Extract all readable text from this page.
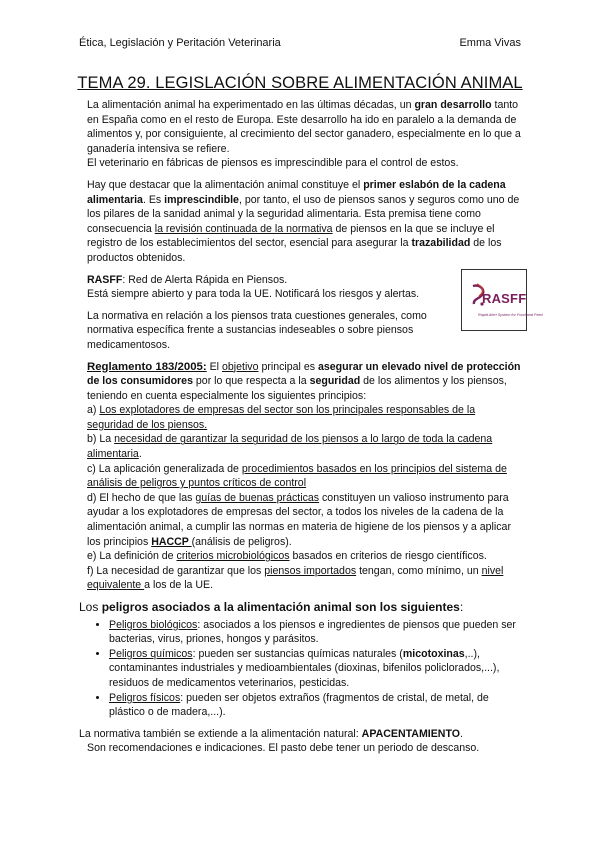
Ética, Legislación y Peritación Veterinaria	Emma Vivas
TEMA 29. LEGISLACIÓN SOBRE ALIMENTACIÓN ANIMAL

La alimentación animal ha experimentado en las últimas décadas, un gran desarrollo tanto en España como en el resto de Europa. Este desarrollo ha ido en paralelo a la demanda de alimentos y, por consiguiente, al crecimiento del sector ganadero, especialmente en lo que a ganadería intensiva se refiere.

El veterinario en fábricas de piensos es imprescindible para el control de estos.

Hay que destacar que la alimentación animal constituye el primer eslabón de la cadena alimentaria. Es imprescindible, por tanto, el uso de piensos sanos y seguros como uno de los pilares de la sanidad animal y la seguridad alimentaria. Esta premisa tiene como consecuencia la revisión continuada de la normativa de piensos en la que se incluye el registro de los establecimientos del sector, esencial para asegurar la trazabilidad de los productos obtenidos.

RASFF
Rapid Alert System for Food and Feed

RASFF: Red de Alerta Rápida en Piensos.

Está siempre abierto y para toda la UE. Notificará los riesgos y alertas.

La normativa en relación a los piensos trata cuestiones generales, como normativa específica frente a sustancias indeseables o sobre piensos medicamentosos.

Reglamento 183/2005: El objetivo principal es asegurar un elevado nivel de protección de los consumidores por lo que respecta a la seguridad de los alimentos y los piensos, teniendo en cuenta especialmente los siguientes principios:

a) Los explotadores de empresas del sector son los principales responsables de la seguridad de los piensos.

b) La necesidad de garantizar la seguridad de los piensos a lo largo de toda la cadena alimentaria.

c) La aplicación generalizada de procedimientos basados en los principios del sistema de análisis de peligros y puntos críticos de control

d) El hecho de que las guías de buenas prácticas constituyen un valioso instrumento para ayudar a los explotadores de empresas del sector, a todos los niveles de la cadena de la alimentación animal, a cumplir las normas en materia de higiene de los piensos y a aplicar los principios HACCP (análisis de peligros).

e) La definición de criterios microbiológicos basados en criterios de riesgo científicos.

f) La necesidad de garantizar que los piensos importados tengan, como mínimo, un nivel equivalente a los de la UE.

Los peligros asociados a la alimentación animal son los siguientes:

• Peligros biológicos: asociados a los piensos e ingredientes de piensos que pueden ser bacterias, virus, priones, hongos y parásitos.
• Peligros químicos: pueden ser sustancias químicas naturales (micotoxinas,..), contaminantes industriales y medioambientales (dioxinas, bifenilos policlorados,...), residuos de medicamentos veterinarios, pesticidas.
• Peligros físicos: pueden ser objetos extraños (fragmentos de cristal, de metal, de plástico o de madera,...).

La normativa también se extiende a la alimentación natural: APACENTAMIENTO.

Son recomendaciones e indicaciones. El pasto debe tener un periodo de descanso.
